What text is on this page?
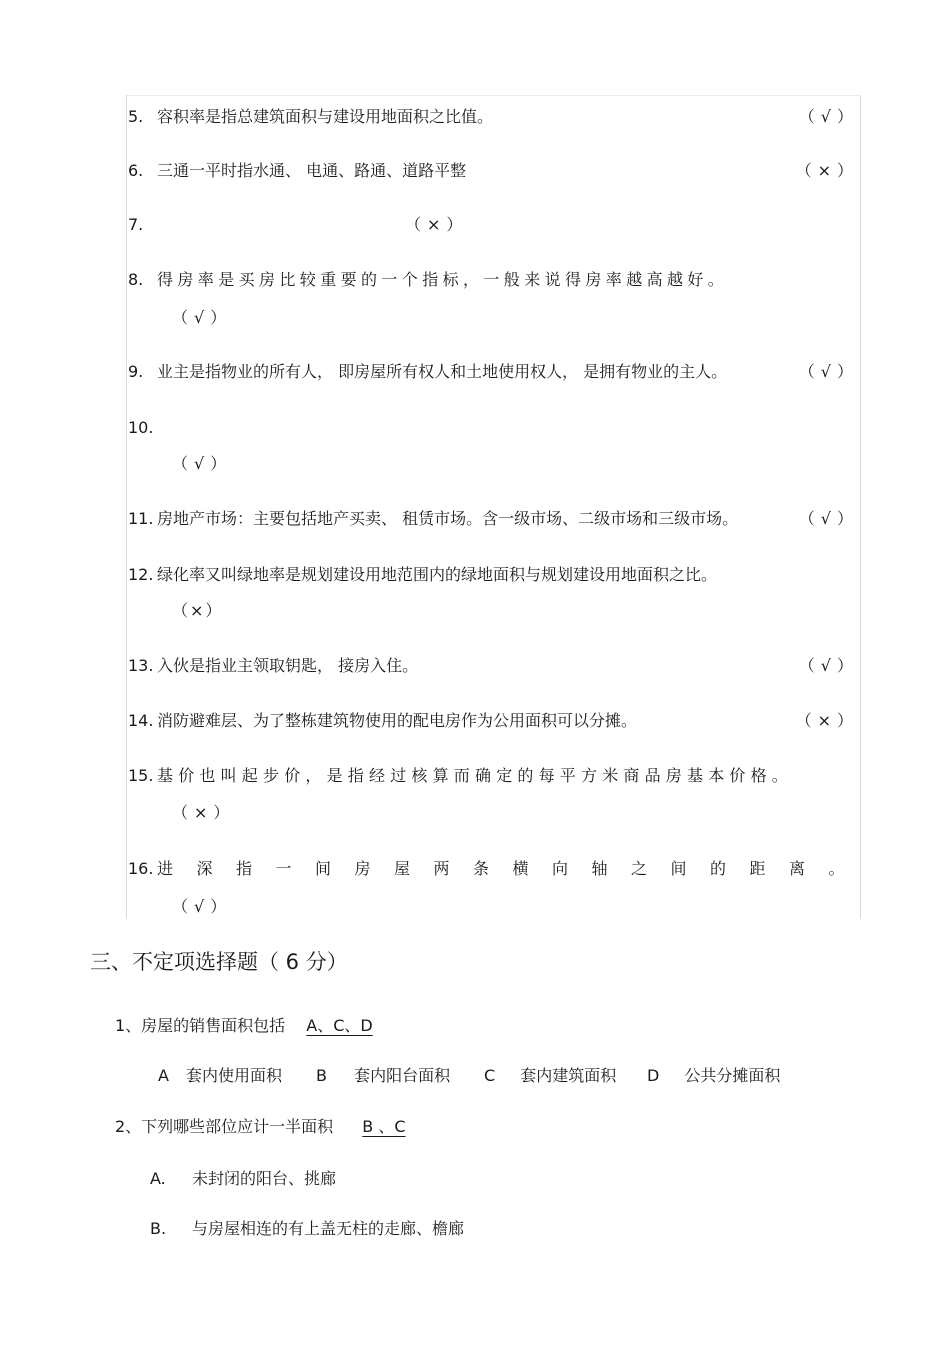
5. 容积率是指总建筑面积与建设用地面积之比值。	（√）
6. 三通一平时指水通、 电通、路通、道路平整	（×）
7.	（×）
8. 得房率是买房比较重要的一个指标，一般来说得房率越高越好。
（√）
9. 业主是指物业的所有人， 即房屋所有权人和土地使用权人， 是拥有物业的主人。	（√）
10.
（√）
11. 房地产市场：主要包括地产买卖、 租赁市场。含一级市场、二级市场和三级市场。	（√）
12. 绿化率又叫绿地率是规划建设用地范围内的绿地面积与规划建设用地面积之比。
（×）
13. 入伙是指业主领取钥匙， 接房入住。	（√）
14. 消防避难层、为了整栋建筑物使用的配电房作为公用面积可以分摊。	（×）
15. 基价也叫起步价，是指经过核算而确定的每平方米商品房基本价格。
（×）
16. 进深指一间房屋两条横向轴之间的距离。
（√）
三、不定项选择题（ 6 分）
1、房屋的销售面积包括 A、C、D
A 套内使用面积 B 套内阳台面积 C 套内建筑面积 D 公共分摊面积
2、下列哪些部位应计一半面积 B 、C
A. 未封闭的阳台、挑廊
B. 与房屋相连的有上盖无柱的走廊、檐廊
